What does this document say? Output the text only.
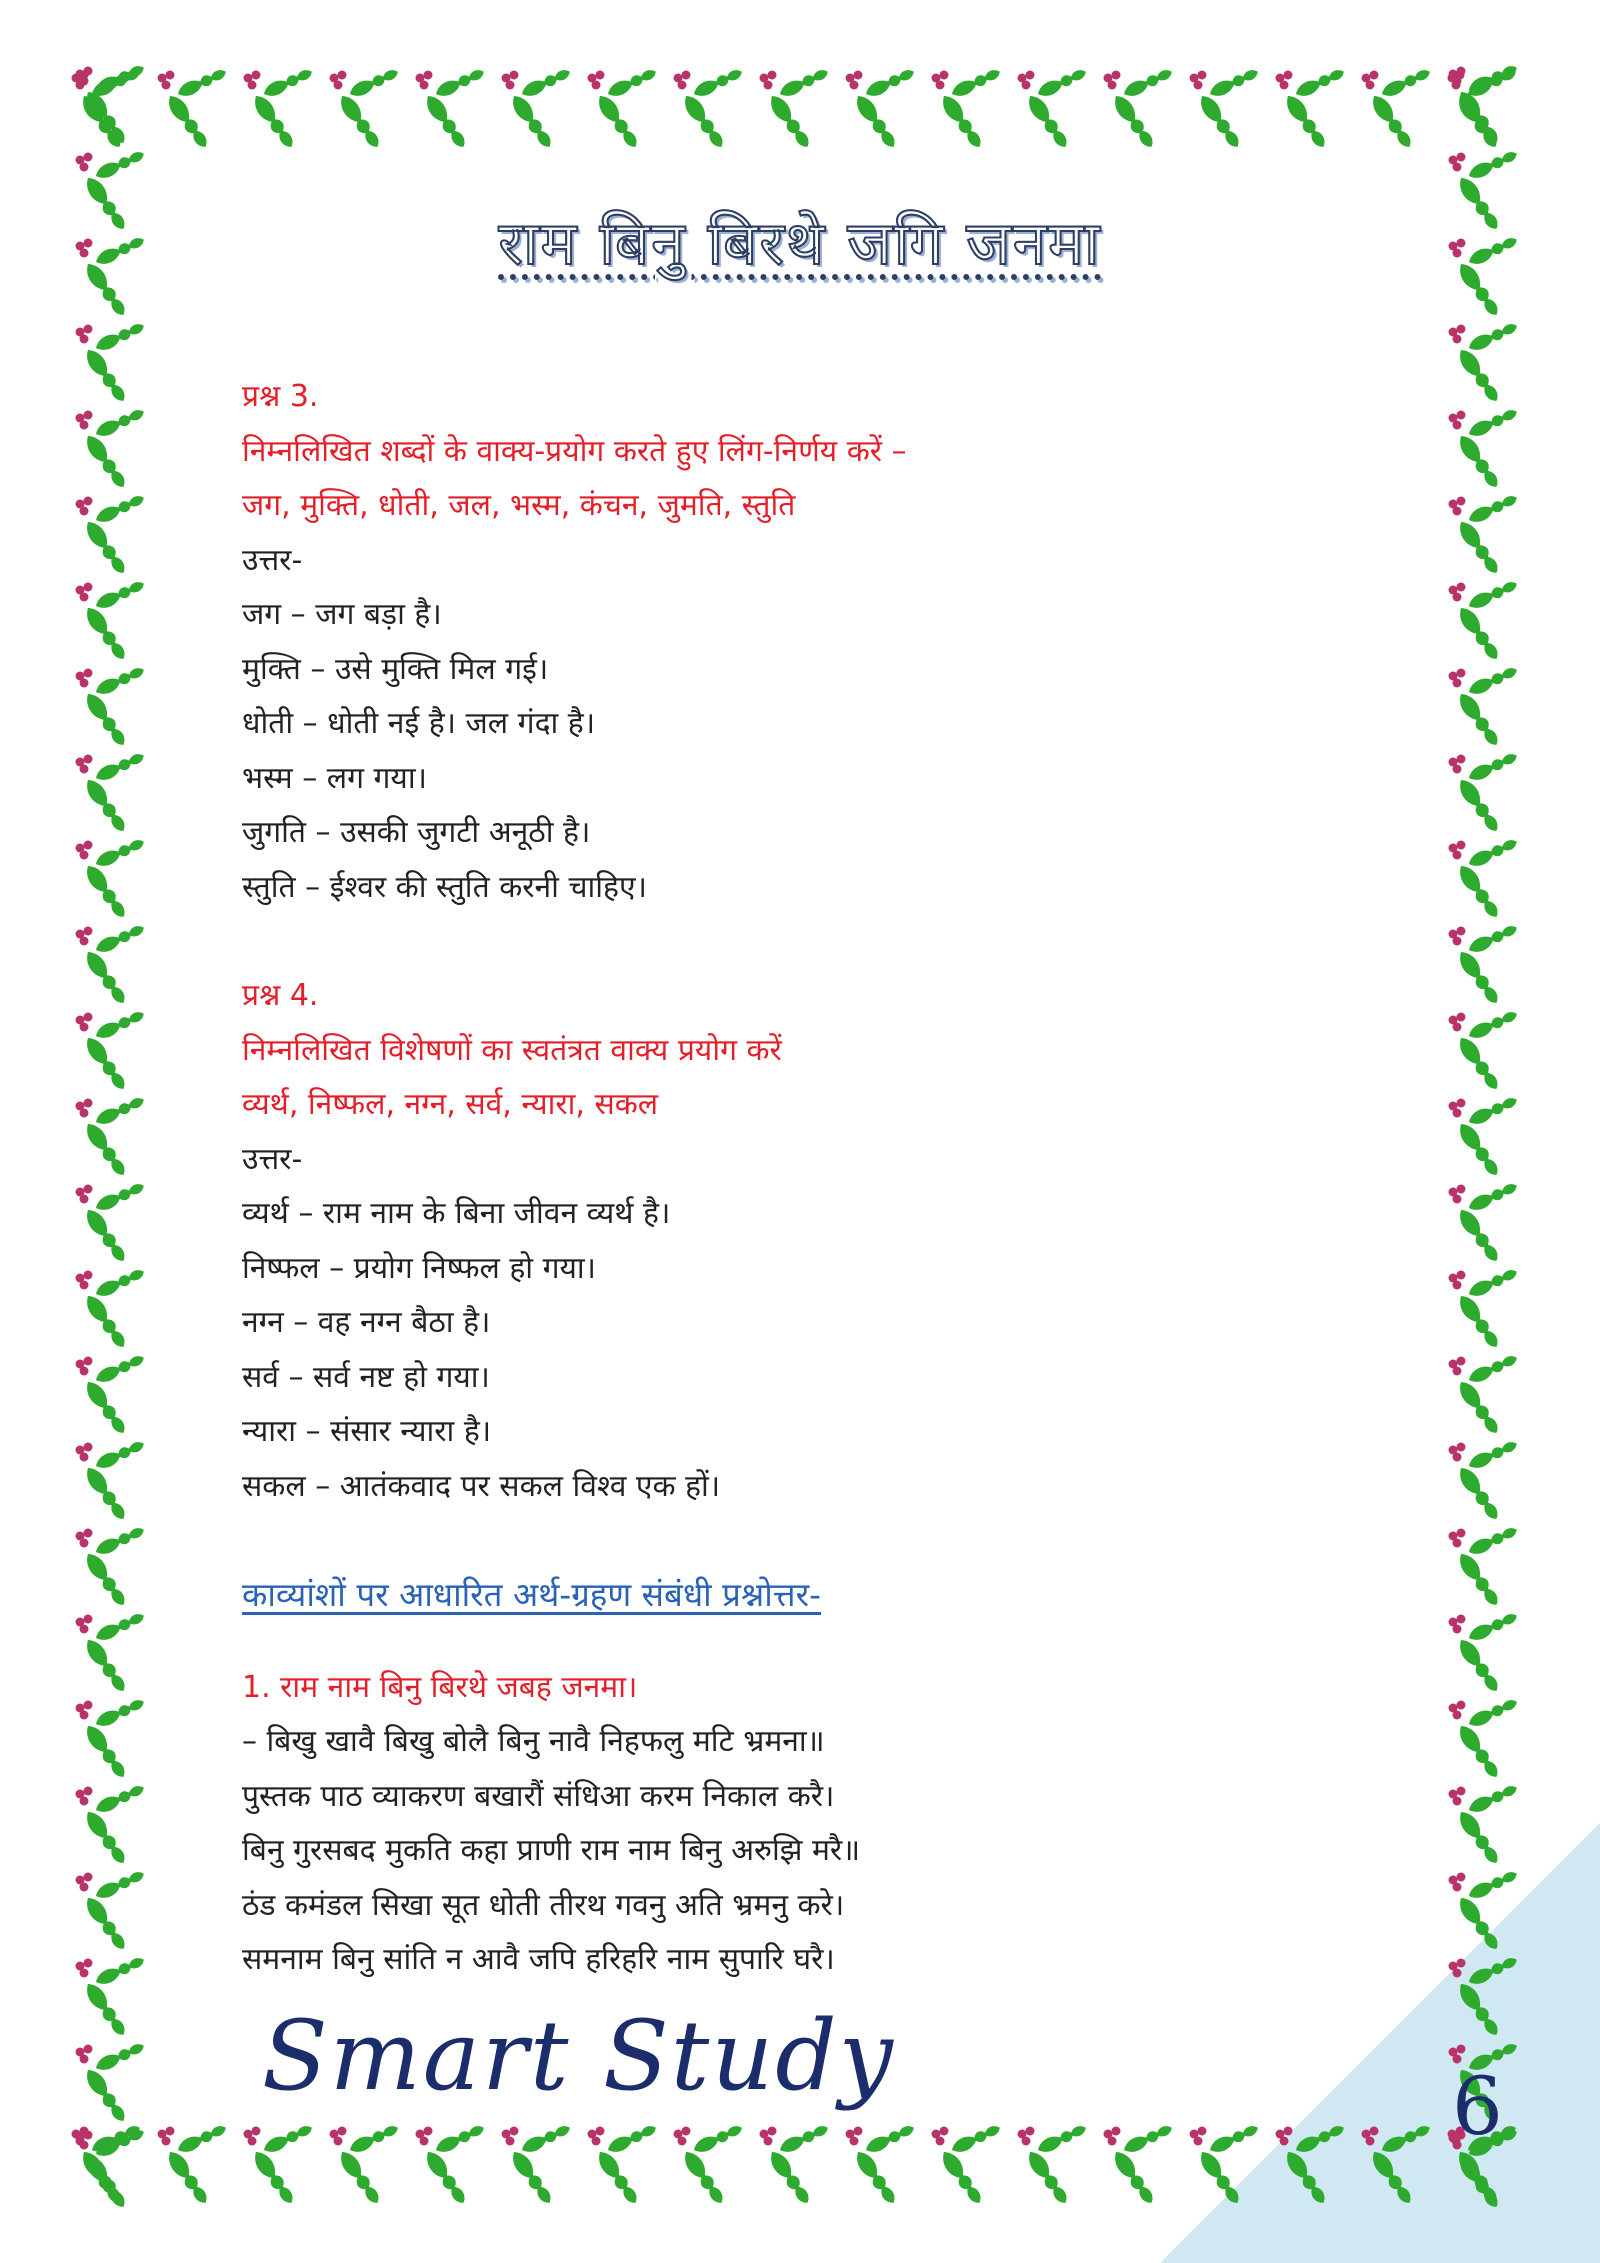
राम बिनु बिरथे जगि जनमा
प्रश्न 3.
निम्नलिखित शब्दों के वाक्य-प्रयोग करते हुए लिंग-निर्णय करें –
जग, मुक्ति, धोती, जल, भस्म, कंचन, जुमति, स्तुति
उत्तर-
जग – जग बड़ा है।
मुक्ति – उसे मुक्ति मिल गई।
धोती – धोती नई है। जल गंदा है।
भस्म – लग गया।
जुगति – उसकी जुगटी अनूठी है।
स्तुति – ईश्वर की स्तुति करनी चाहिए।
प्रश्न 4.
निम्नलिखित विशेषणों का स्वतंत्रत वाक्य प्रयोग करें
व्यर्थ, निष्फल, नग्न, सर्व, न्यारा, सकल
उत्तर-
व्यर्थ – राम नाम के बिना जीवन व्यर्थ है।
निष्फल – प्रयोग निष्फल हो गया।
नग्न – वह नग्न बैठा है।
सर्व – सर्व नष्ट हो गया।
न्यारा – संसार न्यारा है।
सकल – आतंकवाद पर सकल विश्व एक हों।
काव्यांशों पर आधारित अर्थ-ग्रहण संबंधी प्रश्नोत्तर-
1. राम नाम बिनु बिरथे जबह जनमा।
– बिखु खावै बिखु बोलै बिनु नावै निहफलु मटि भ्रमना॥
पुस्तक पाठ व्याकरण बखारौं संधिआ करम निकाल करै।
बिनु गुरसबद मुकति कहा प्राणी राम नाम बिनु अरुझि मरै॥
ठंड कमंडल सिखा सूत धोती तीरथ गवनु अति भ्रमनु करे।
समनाम बिनु सांति न आवै जपि हरिहरि नाम सुपारि घरै।
Smart Study	6
